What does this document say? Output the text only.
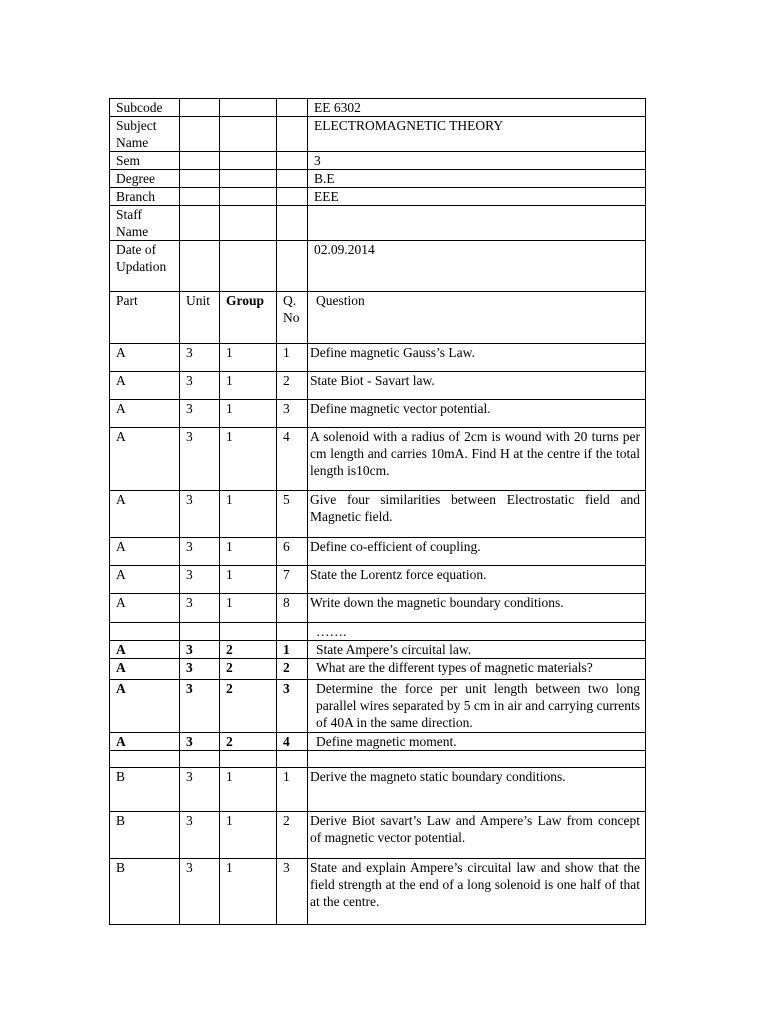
Subcode				EE 6302
Subject Name				ELECTROMAGNETIC THEORY
Sem				3
Degree				B.E
Branch				EEE
Staff Name				
Date of Updation				02.09.2014
Part	Unit	Group	Q.No	Question
A	3	1	1	Define magnetic Gauss’s Law.
A	3	1	2	State Biot - Savart law.
A	3	1	3	Define magnetic vector potential.
A	3	1	4	A solenoid with a radius of 2cm is wound with 20 turns per cm length and carries 10mA. Find H at the centre if the total length is10cm.
A	3	1	5	Give four similarities between Electrostatic field and Magnetic field.
A	3	1	6	Define co-efficient of coupling.
A	3	1	7	State the Lorentz force equation.
A	3	1	8	Write down the magnetic boundary conditions.
				…….
A	3	2	1	State Ampere’s circuital law.
A	3	2	2	What are the different types of magnetic materials?
A	3	2	3	Determine the force per unit length between two long parallel wires separated by 5 cm in air and carrying currents of 40A in the same direction.
A	3	2	4	Define magnetic moment.

B	3	1	1	Derive the magneto static boundary conditions.
B	3	1	2	Derive Biot savart’s Law and Ampere’s Law from concept of magnetic vector potential.
B	3	1	3	State and explain Ampere’s circuital law and show that the field strength at the end of a long solenoid is one half of that at the centre.
